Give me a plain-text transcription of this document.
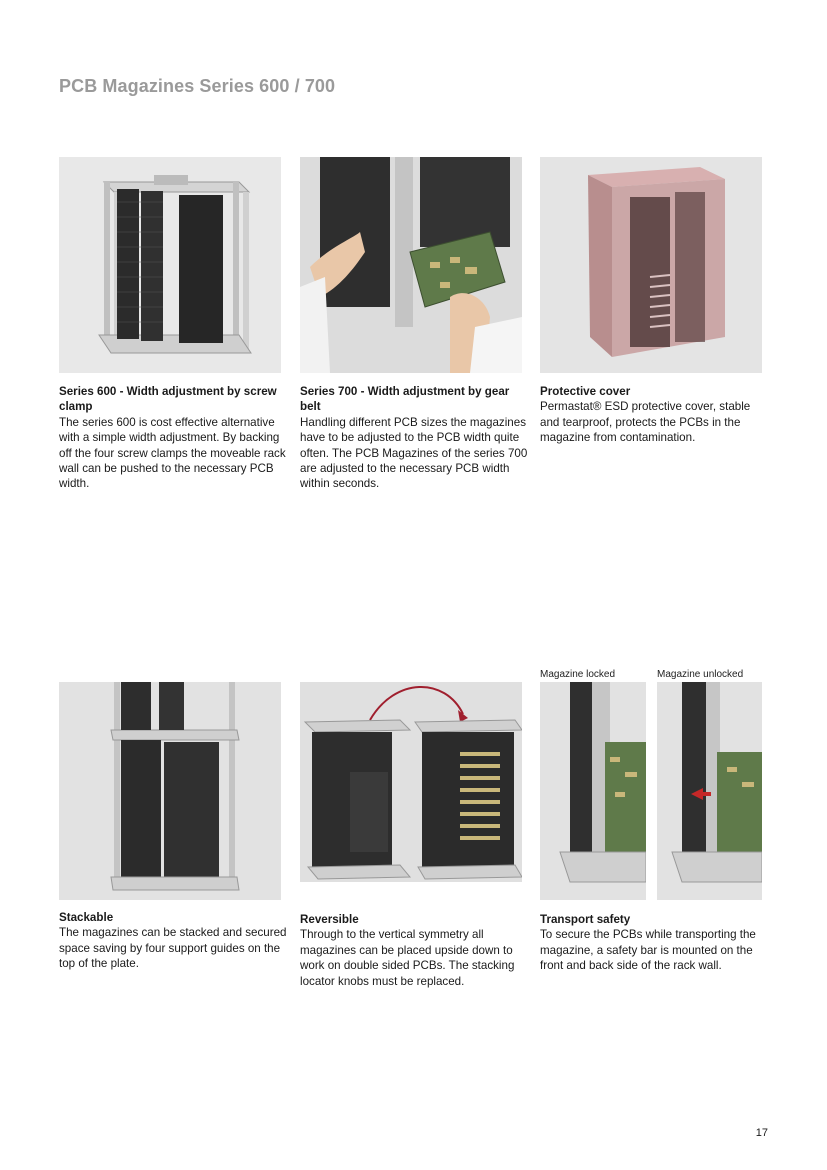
PCB Magazines Series 600 / 700
Series 600 - Width adjustment by screw clamp
The series 600 is cost effective alternative with a simple width adjustment. By backing off the four screw clamps the moveable rack wall can be pushed to the necessary PCB width.
Series 700 - Width adjustment by gear belt
Handling different PCB sizes the magazines have to be adjusted to the PCB width quite often. The PCB Magazines of the series 700 are adjusted to the necessary PCB width within seconds.
Protective cover
Permastat® ESD protective cover, stable and tearproof, protects the PCBs in the magazine from contamination.
Magazine locked	Magazine unlocked
Stackable
The magazines can be stacked and secured space saving by four support guides on the top of the plate.
Reversible
Through to the vertical symmetry all magazines can be placed upside down to work on double sided PCBs. The stacking locator knobs must be replaced.
Transport safety
To secure the PCBs while transporting the magazine, a safety bar is mounted on the front and back side of the rack wall.
17
